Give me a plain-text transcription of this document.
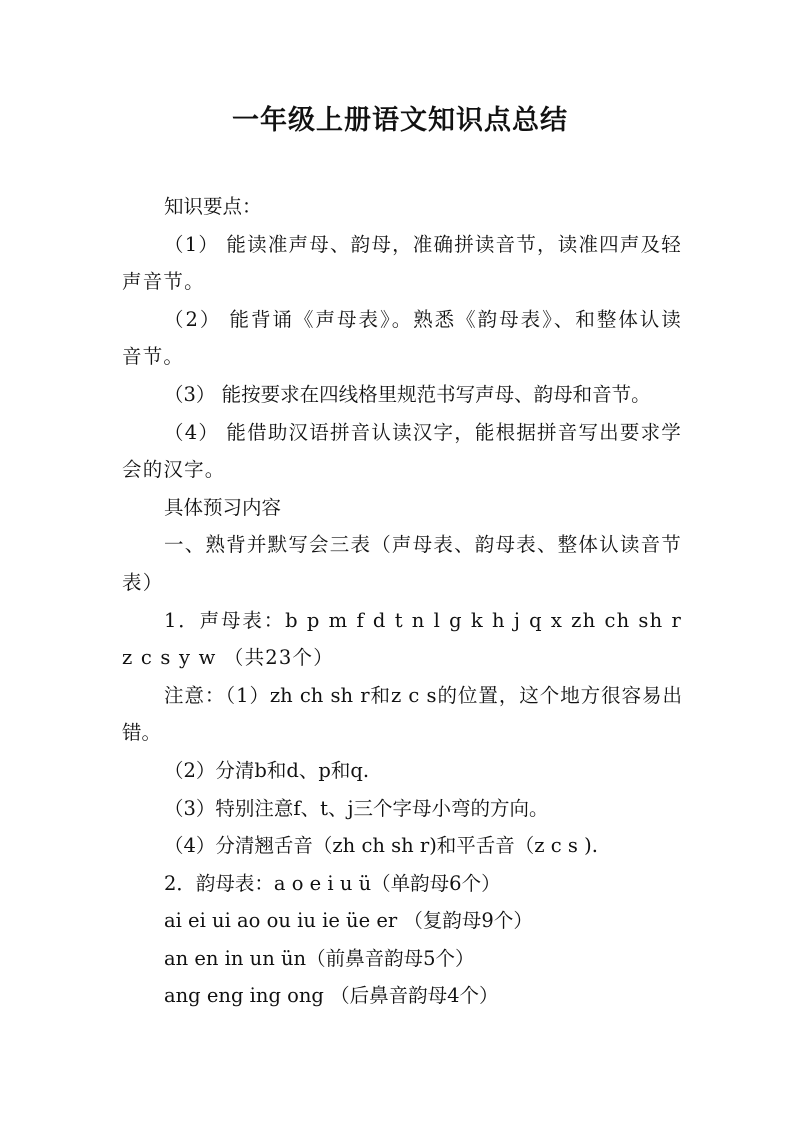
一年级上册语文知识点总结

知识要点：

（1） 能读准声母、韵母，准确拼读音节，读准四声及轻声音节。

（2） 能背诵《声母表》。熟悉《韵母表》、和整体认读音节。

（3） 能按要求在四线格里规范书写声母、韵母和音节。

（4） 能借助汉语拼音认读汉字，能根据拼音写出要求学会的汉字。

具体预习内容

一、熟背并默写会三表（声母表、韵母表、整体认读音节表）

1．声母表：b p m f d t n l g k h j q x zh ch sh r z c s y w （共23个）

注意：（1）zh ch sh r和z c s的位置，这个地方很容易出错。

（2）分清b和d、p和q.

（3）特别注意f、t、j三个字母小弯的方向。

（4）分清翘舌音（zh ch sh r)和平舌音（z c s ).

2．韵母表：a o e i u ü（单韵母6个）

ai ei ui ao ou iu ie üe er （复韵母9个）

an en in un ün（前鼻音韵母5个）

ang eng ing ong （后鼻音韵母4个）
